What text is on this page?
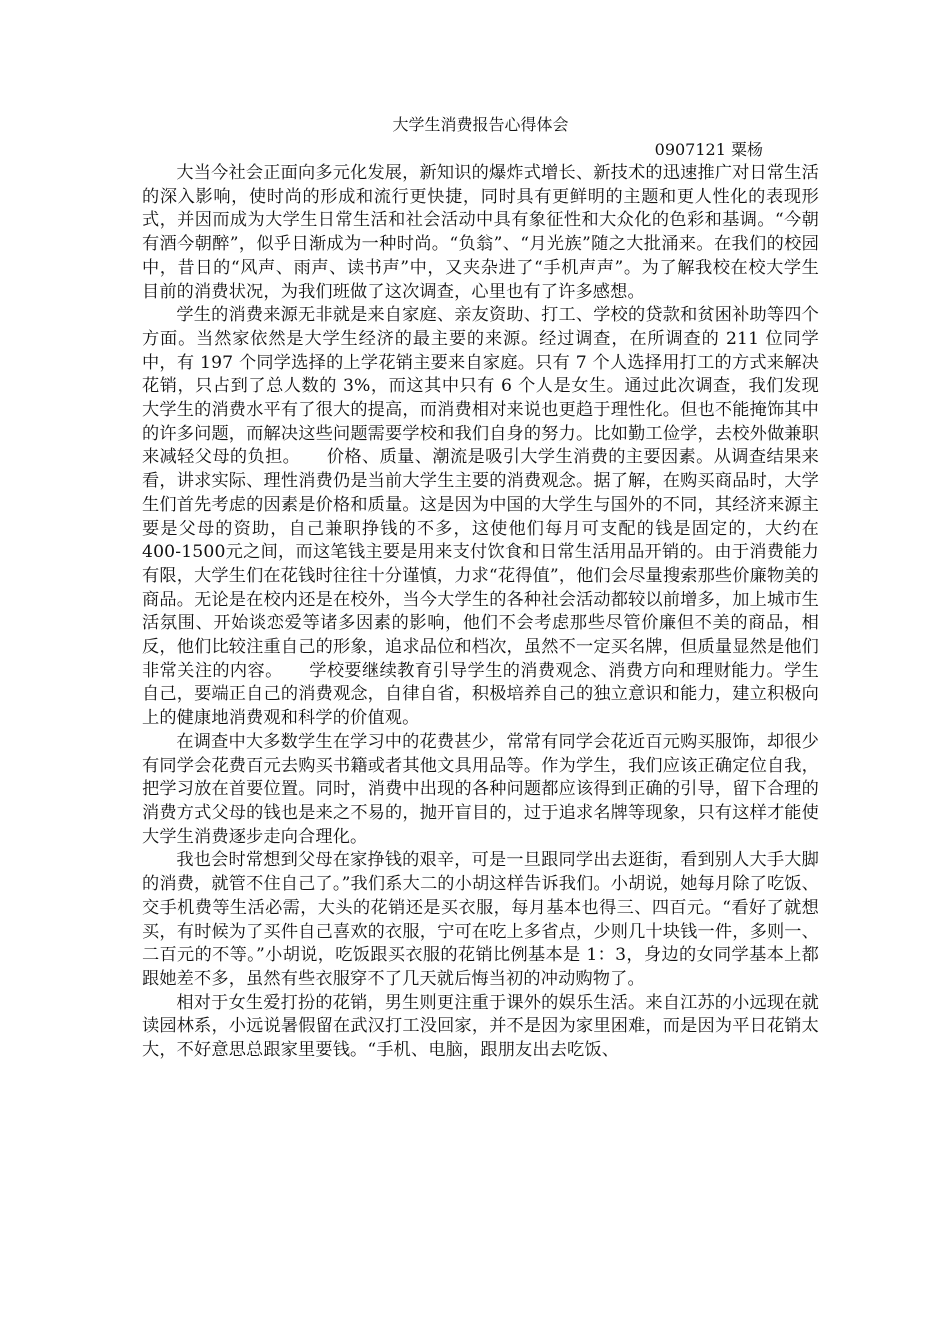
大学生消费报告心得体会

0907121 粟杨

大当今社会正面向多元化发展，新知识的爆炸式增长、新技术的迅速推广对日常生活的深入影响，使时尚的形成和流行更快捷，同时具有更鲜明的主题和更人性化的表现形式，并因而成为大学生日常生活和社会活动中具有象征性和大众化的色彩和基调。“今朝有酒今朝醉”，似乎日渐成为一种时尚。“负翁”、“月光族”随之大批涌来。在我们的校园中，昔日的“风声、雨声、读书声”中，又夹杂进了“手机声声”。为了解我校在校大学生目前的消费状况，为我们班做了这次调查，心里也有了许多感想。

学生的消费来源无非就是来自家庭、亲友资助、打工、学校的贷款和贫困补助等四个方面。当然家依然是大学生经济的最主要的来源。经过调查，在所调查的 211 位同学中，有 197 个同学选择的上学花销主要来自家庭。只有 7 个人选择用打工的方式来解决花销，只占到了总人数的 3%，而这其中只有 6 个人是女生。通过此次调查，我们发现大学生的消费水平有了很大的提高，而消费相对来说也更趋于理性化。但也不能掩饰其中的许多问题，而解决这些问题需要学校和我们自身的努力。比如勤工俭学，去校外做兼职来减轻父母的负担。　　价格、质量、潮流是吸引大学生消费的主要因素。从调查结果来看，讲求实际、理性消费仍是当前大学生主要的消费观念。据了解，在购买商品时，大学生们首先考虑的因素是价格和质量。这是因为中国的大学生与国外的不同，其经济来源主要是父母的资助，自己兼职挣钱的不多，这使他们每月可支配的钱是固定的，大约在 400-1500元之间，而这笔钱主要是用来支付饮食和日常生活用品开销的。由于消费能力有限，大学生们在花钱时往往十分谨慎，力求“花得值”，他们会尽量搜索那些价廉物美的商品。无论是在校内还是在校外，当今大学生的各种社会活动都较以前增多，加上城市生活氛围、开始谈恋爱等诸多因素的影响，他们不会考虑那些尽管价廉但不美的商品，相反，他们比较注重自己的形象，追求品位和档次，虽然不一定买名牌，但质量显然是他们非常关注的内容。　　学校要继续教育引导学生的消费观念、消费方向和理财能力。学生自己，要端正自己的消费观念，自律自省，积极培养自己的独立意识和能力，建立积极向上的健康地消费观和科学的价值观。

在调查中大多数学生在学习中的花费甚少，常常有同学会花近百元购买服饰，却很少有同学会花费百元去购买书籍或者其他文具用品等。作为学生，我们应该正确定位自我，把学习放在首要位置。同时，消费中出现的各种问题都应该得到正确的引导，留下合理的消费方式父母的钱也是来之不易的，抛开盲目的，过于追求名牌等现象，只有这样才能使大学生消费逐步走向合理化。

我也会时常想到父母在家挣钱的艰辛，可是一旦跟同学出去逛街，看到别人大手大脚的消费，就管不住自己了。”我们系大二的小胡这样告诉我们。小胡说，她每月除了吃饭、交手机费等生活必需，大头的花销还是买衣服，每月基本也得三、四百元。“看好了就想买，有时候为了买件自己喜欢的衣服，宁可在吃上多省点，少则几十块钱一件，多则一、二百元的不等。”小胡说，吃饭跟买衣服的花销比例基本是 1：3，身边的女同学基本上都跟她差不多，虽然有些衣服穿不了几天就后悔当初的冲动购物了。

相对于女生爱打扮的花销，男生则更注重于课外的娱乐生活。来自江苏的小远现在就读园林系，小远说暑假留在武汉打工没回家，并不是因为家里困难，而是因为平日花销太大，不好意思总跟家里要钱。“手机、电脑，跟朋友出去吃饭、
